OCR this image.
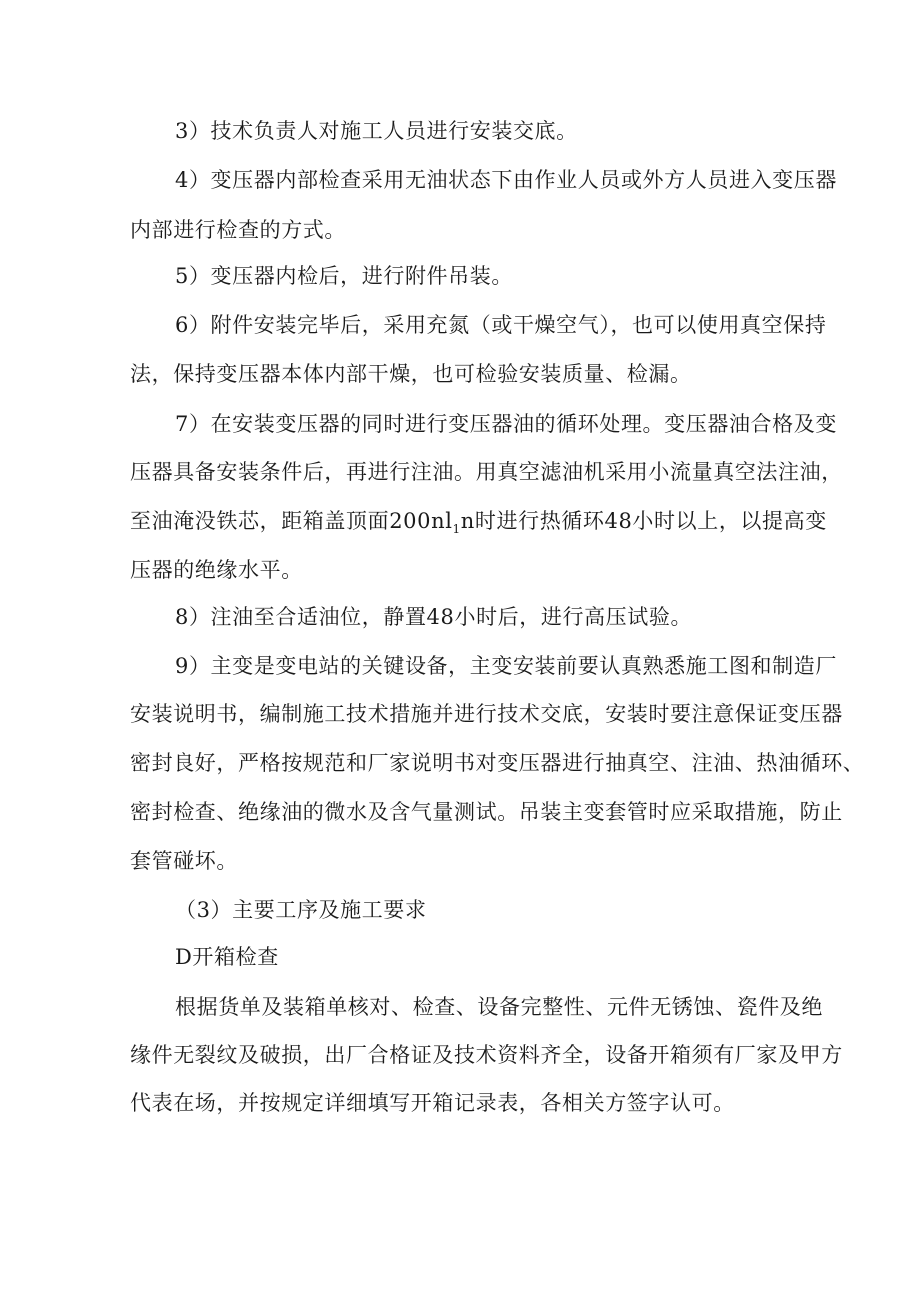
3）技术负责人对施工人员进行安装交底。
4）变压器内部检查采用无油状态下由作业人员或外方人员进入变压器
内部进行检查的方式。
5）变压器内检后，进行附件吊装。
6）附件安装完毕后，采用充氮（或干燥空气），也可以使用真空保持
法，保持变压器本体内部干燥，也可检验安装质量、检漏。
7）在安装变压器的同时进行变压器油的循环处理。变压器油合格及变
压器具备安装条件后，再进行注油。用真空滤油机采用小流量真空法注油，
至油淹没铁芯，距箱盖顶面$200nl_1n$时进行热循环48小时以上，以提高变
压器的绝缘水平。
8）注油至合适油位，静置48小时后，进行高压试验。
9）主变是变电站的关键设备，主变安装前要认真熟悉施工图和制造厂
安装说明书，编制施工技术措施并进行技术交底，安装时要注意保证变压器
密封良好，严格按规范和厂家说明书对变压器进行抽真空、注油、热油循环、
密封检查、绝缘油的微水及含气量测试。吊装主变套管时应采取措施，防止
套管碰坏。
（3）主要工序及施工要求
D开箱检查
根据货单及装箱单核对、检查、设备完整性、元件无锈蚀、瓷件及绝
缘件无裂纹及破损，出厂合格证及技术资料齐全，设备开箱须有厂家及甲方
代表在场，并按规定详细填写开箱记录表，各相关方签字认可。
